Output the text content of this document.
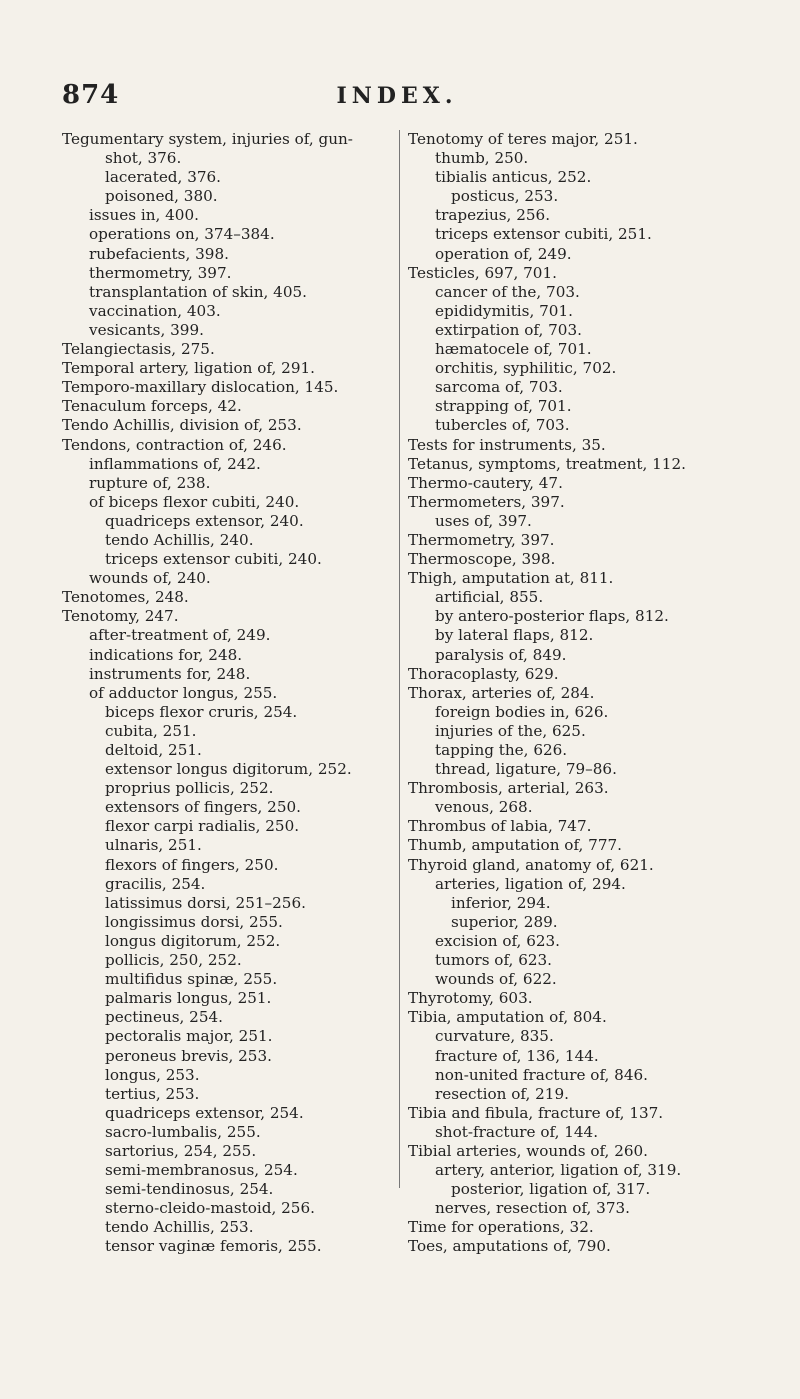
874	INDEX.
Tegumentary system, injuries of, gun-
shot, 376.
lacerated, 376.
poisoned, 380.
issues in, 400.
operations on, 374–384.
rubefacients, 398.
thermometry, 397.
transplantation of skin, 405.
vaccination, 403.
vesicants, 399.
Telangiectasis, 275.
Temporal artery, ligation of, 291.
Temporo-maxillary dislocation, 145.
Tenaculum forceps, 42.
Tendo Achillis, division of, 253.
Tendons, contraction of, 246.
inflammations of, 242.
rupture of, 238.
of biceps flexor cubiti, 240.
quadriceps extensor, 240.
tendo Achillis, 240.
triceps extensor cubiti, 240.
wounds of, 240.
Tenotomes, 248.
Tenotomy, 247.
after-treatment of, 249.
indications for, 248.
instruments for, 248.
of adductor longus, 255.
biceps flexor cruris, 254.
cubita, 251.
deltoid, 251.
extensor longus digitorum, 252.
proprius pollicis, 252.
extensors of fingers, 250.
flexor carpi radialis, 250.
ulnaris, 251.
flexors of fingers, 250.
gracilis, 254.
latissimus dorsi, 251–256.
longissimus dorsi, 255.
longus digitorum, 252.
pollicis, 250, 252.
multifidus spinæ, 255.
palmaris longus, 251.
pectineus, 254.
pectoralis major, 251.
peroneus brevis, 253.
longus, 253.
tertius, 253.
quadriceps extensor, 254.
sacro-lumbalis, 255.
sartorius, 254, 255.
semi-membranosus, 254.
semi-tendinosus, 254.
sterno-cleido-mastoid, 256.
tendo Achillis, 253.
tensor vaginæ femoris, 255.
Tenotomy of teres major, 251.
thumb, 250.
tibialis anticus, 252.
posticus, 253.
trapezius, 256.
triceps extensor cubiti, 251.
operation of, 249.
Testicles, 697, 701.
cancer of the, 703.
epididymitis, 701.
extirpation of, 703.
hæmatocele of, 701.
orchitis, syphilitic, 702.
sarcoma of, 703.
strapping of, 701.
tubercles of, 703.
Tests for instruments, 35.
Tetanus, symptoms, treatment, 112.
Thermo-cautery, 47.
Thermometers, 397.
uses of, 397.
Thermometry, 397.
Thermoscope, 398.
Thigh, amputation at, 811.
artificial, 855.
by antero-posterior flaps, 812.
by lateral flaps, 812.
paralysis of, 849.
Thoracoplasty, 629.
Thorax, arteries of, 284.
foreign bodies in, 626.
injuries of the, 625.
tapping the, 626.
thread, ligature, 79–86.
Thrombosis, arterial, 263.
venous, 268.
Thrombus of labia, 747.
Thumb, amputation of, 777.
Thyroid gland, anatomy of, 621.
arteries, ligation of, 294.
inferior, 294.
superior, 289.
excision of, 623.
tumors of, 623.
wounds of, 622.
Thyrotomy, 603.
Tibia, amputation of, 804.
curvature, 835.
fracture of, 136, 144.
non-united fracture of, 846.
resection of, 219.
Tibia and fibula, fracture of, 137.
shot-fracture of, 144.
Tibial arteries, wounds of, 260.
artery, anterior, ligation of, 319.
posterior, ligation of, 317.
nerves, resection of, 373.
Time for operations, 32.
Toes, amputations of, 790.
